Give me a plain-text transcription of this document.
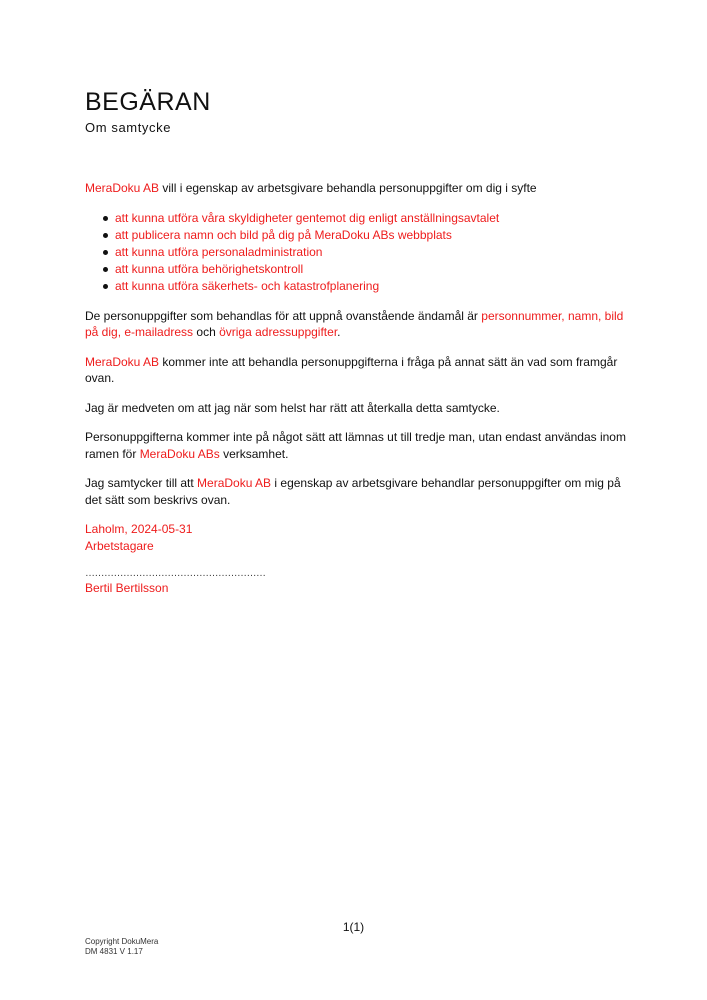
BEGÄRAN
Om samtycke

MeraDoku AB vill i egenskap av arbetsgivare behandla personuppgifter om dig i syfte

att kunna utföra våra skyldigheter gentemot dig enligt anställningsavtalet
att publicera namn och bild på dig på MeraDoku ABs webbplats
att kunna utföra personaladministration
att kunna utföra behörighetskontroll
att kunna utföra säkerhets- och katastrofplanering

De personuppgifter som behandlas för att uppnå ovanstående ändamål är personnummer, namn, bild på dig, e-mailadress och övriga adressuppgifter.

MeraDoku AB kommer inte att behandla personuppgifterna i fråga på annat sätt än vad som framgår ovan.

Jag är medveten om att jag när som helst har rätt att återkalla detta samtycke.

Personuppgifterna kommer inte på något sätt att lämnas ut till tredje man, utan endast användas inom ramen för MeraDoku ABs verksamhet.

Jag samtycker till att MeraDoku AB i egenskap av arbetsgivare behandlar personuppgifter om mig på det sätt som beskrivs ovan.

Laholm, 2024-05-31
Arbetstagare
…………………………………………………
Bertil Bertilsson
1(1)
Copyright DokuMera
DM 4831 V 1.17
